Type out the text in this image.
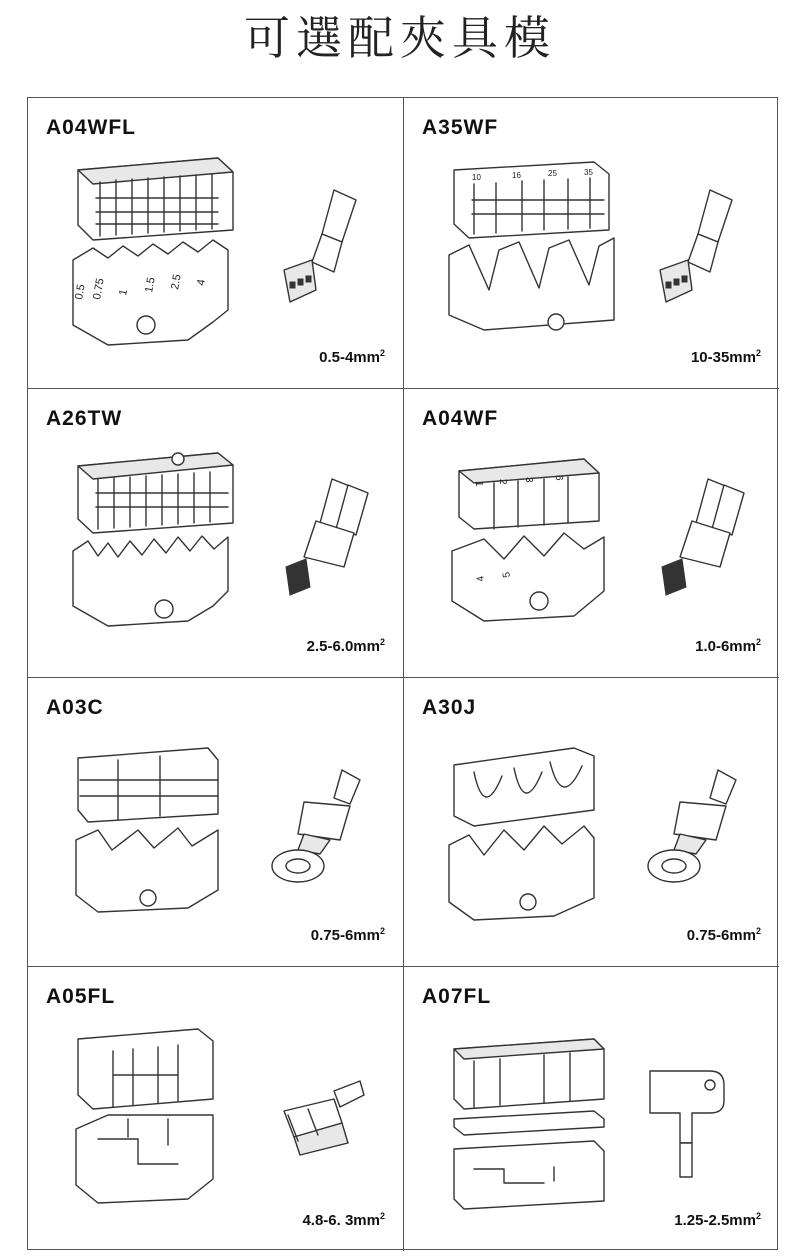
可選配夾具模
A04WFL
0.5 0.75 1 1.5 2.5 4
$0.5-4mm^2$
A35WF
10	16	25	35
$10-35mm^2$
A26TW
$2.5-6.0mm^2$
A04WF
1 2 3 6
4
5
$1.0-6mm^2$
A03C
$0.75-6mm^2$
A30J
$0.75-6mm^2$
A05FL
4.8-6. $3mm^2$
A07FL
$1.25-2.5mm^2$
